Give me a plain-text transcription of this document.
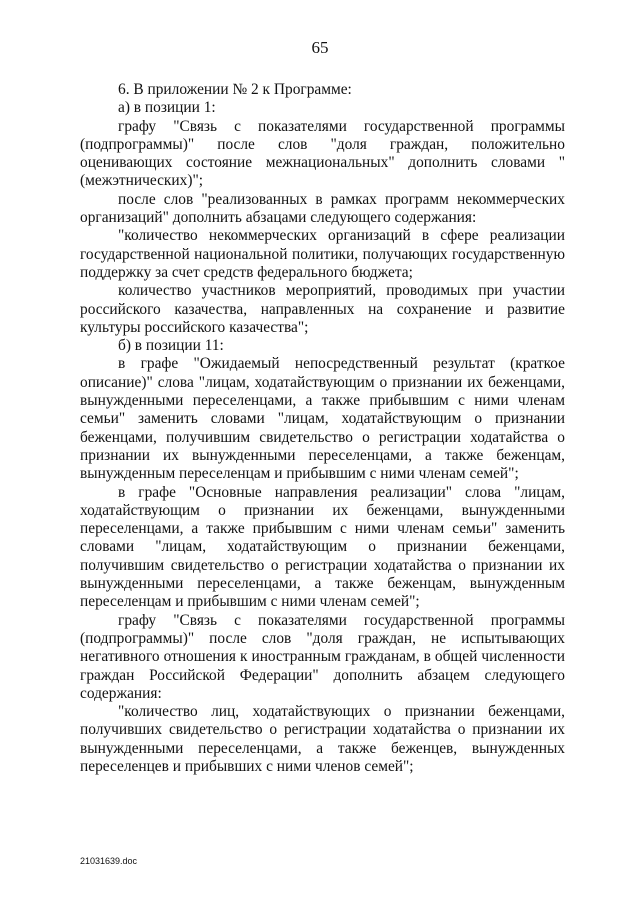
65

6. В приложении № 2 к Программе:

а) в позиции 1:

графу "Связь с показателями государственной программы (подпрограммы)" после слов "доля граждан, положительно оценивающих состояние межнациональных" дополнить словами "(межэтнических)";

после слов "реализованных в рамках программ некоммерческих организаций" дополнить абзацами следующего содержания:

"количество некоммерческих организаций в сфере реализации государственной национальной политики, получающих государственную поддержку за счет средств федерального бюджета;

количество участников мероприятий, проводимых при участии российского казачества, направленных на сохранение и развитие культуры российского казачества";

б) в позиции 11:

в графе "Ожидаемый непосредственный результат (краткое описание)" слова "лицам, ходатайствующим о признании их беженцами, вынужденными переселенцами, а также прибывшим с ними членам семьи" заменить словами "лицам, ходатайствующим о признании беженцами, получившим свидетельство о регистрации ходатайства о признании их вынужденными переселенцами, а также беженцам, вынужденным переселенцам и прибывшим с ними членам семей";

в графе "Основные направления реализации" слова "лицам, ходатайствующим о признании их беженцами, вынужденными переселенцами, а также прибывшим с ними членам семьи" заменить словами "лицам, ходатайствующим о признании беженцами, получившим свидетельство о регистрации ходатайства о признании их вынужденными переселенцами, а также беженцам, вынужденным переселенцам и прибывшим с ними членам семей";

графу "Связь с показателями государственной программы (подпрограммы)" после слов "доля граждан, не испытывающих негативного отношения к иностранным гражданам, в общей численности граждан Российской Федерации" дополнить абзацем следующего содержания:

"количество лиц, ходатайствующих о признании беженцами, получивших свидетельство о регистрации ходатайства о признании их вынужденными переселенцами, а также беженцев, вынужденных переселенцев и прибывших с ними членов семей";

21031639.doc
